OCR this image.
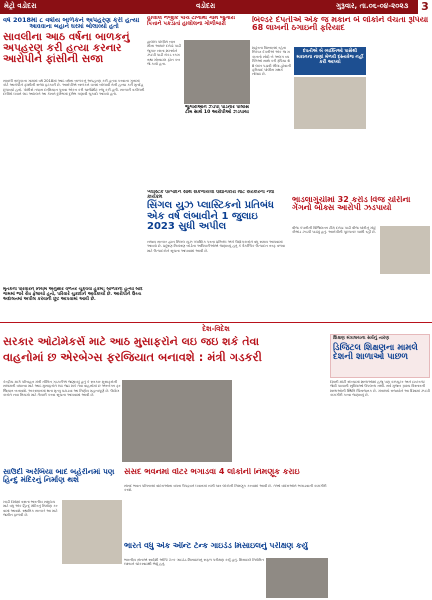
મેટ્રો વડોદરા	વડોદરા	ગુરૂવાર, તા.૦૬-૦૪-૨૦૨૩ 3
વર્ષ 2018માં ૮ વર્ષીય બાળકને અપહરણ કરી હત્યા
આવવાના બહાને ઘરમાં બોલાવ્યો હતો
સાવલીના આઠ વર્ષના બાળકનું અપહરણ કરી હત્યા કરનાર આરોપીને ફાંસીની સજા
સાવલી તાલુકાના ગામમાં વર્ષ 2018માં આઠ વર્ષના બાળકનું અપહરણ કરી હત્યા કરવાના ગુનામાં કોર્ટે આરોપીને ફાંસીની સજા ફટકારી છે. આરોપીએ બાળકને ઘરમાં બોલાવી તેની હત્યા કરી મૃતદેહ છુપાવ્યો હતો. પોલીસે તપાસ દરમિયાન પુરાવા એકત્ર કરી ચાર્જશીટ રજૂ કરી હતી. સરકારી વકીલની દલીલો ધ્યાને લઇ અદાલતે આ કેસને દુર્લભમાં દુર્લભ ગણાવી ચુકાદો આપ્યો હતો.
મૃતકના પરિવારને નિયમ અનુસાર વળતર ચૂકવવા હુકમ: બાળકની હત્યા બાદ ગામમાં ભારે રોષ ફેલાયો હતો, પરિવારે ચુકાદાને આવકાર્યો છે. આરોપીને ઉચ્ચ અદાલતમાં અપીલ કરવાની છૂટ આપવામાં આવી છે.
હાલોલ નજીક પાંચ ટોળામાં ગામે જુગારી
પિત્તાને પકડાતાં હાલોલના ગોળીબારી
હાલોલ પોલીસે બાતમીના આધારે દરોડો પાડી જુગાર રમતા શખ્સોને ઝડપી પાડી રોકડ રકમ તથા મોબાઇલ ફોન કબજે કર્યા હતા.
જુગારીઓને ઝડપી પાડનાર પોલીસ ટીમ સાથે 10 આરોપીઓ ઝડપાયા
બિલ્ડર દંપતીએ એક જ મકાન બે લોકોને વેચતા રૂપિયા 68 લાખની ઠગાઇની ફરિયાદ
શહેરના વિસ્તારમાં રહેતા બિલ્ડર દંપતીએ એક જ મકાનનો સોદો બે અલગ વ્યક્તિઓ સાથે કરી રૂપિયા 68 લાખ પડાવી લીધા હોવાની ફરિયાદ પોલીસ મથકે નોંધાઇ છે.
દંપતીએ બે વ્યક્તિઓ પાસેથી મકાનના નાણાં મેળવી દસ્તાવેજ નહીં કરી આપ્યો
પ્લાસ્ટિક ઉત્પાદન સાથે સંકળાયેલા ઉદ્યોગકારો માટે સરકારનો નવો કાર્યક્રમ
સિંગલ યુઝ પ્લાસ્ટિકનો પ્રતિબંધ એક વર્ષ લંબાવીને 1 જુલાઇ 2023 સુધી અપીલ
રાજ્ય સરકાર દ્વારા સિંગલ યુઝ પ્લાસ્ટિક પરના પ્રતિબંધ અંગે ઉદ્યોગકારોને વધુ સમય આપવામાં આવ્યો છે. પ્રદૂષણ નિયંત્રણ બોર્ડના અધિકારીઓએ જણાવ્યું હતું કે વૈકલ્પિક ઉત્પાદન તરફ વળવા માટે ઉત્પાદકોને સૂચના આપવામાં આવી છે.
ભાડલાગુંચીમાં 32 કરોડ વિજ ચોરીના ગેંગનો બોક્સ આરોપી ઝડપાયો
વીજ કંપનીની વિજિલન્સ ટીમે દરોડા પાડી વીજ ચોરીનું મોટું કૌભાંડ ઝડપી પાડ્યું હતું. આરોપીની પૂછપરછ ચાલી રહી છે.
દેશ-વિદેશ
સરકાર ઓટોમેકર્સ માટે આઠ મુસાફરોને લઇ જઇ શકે તેવા
વાહનોમાં છ એરબેગ્સ ફરજિયાત બનાવશે : મંત્રી ગડકરી
કેન્દ્રીય માર્ગ પરિવહન મંત્રી નીતિન ગડકરીએ જણાવ્યું હતું કે સરકાર મુસાફરોની સલામતી વધારવા માટે આઠ મુસાફરોને લઇ જઇ શકે તેવા વાહનોમાં છ એરબેગ્સ ફરજિયાત બનાવશે. અકસ્માતમાં થતા મૃત્યુ ઘટાડવા આ નિર્ણય મહત્વપૂર્ણ છે. ઉદ્યોગકારોને નવા નિયમો માટે તૈયારી કરવા સૂચના આપવામાં આવી છે.
શિક્ષણ મંત્રાલયના સર્વેનું તારણ
ડિજિટલ શિક્ષણના મામલે દેશની શાળાઓ પાછળ
દેશની મોટી સંખ્યામાં શાળાઓમાં હજુ પણ કમ્પ્યુટર અને ઇન્ટરનેટ જેવી પાયાની સુવિધાઓ ઉપલબ્ધ નથી. સર્વે મુજબ ગ્રામ્ય વિસ્તારની શાળાઓની સ્થિતિ ચિંતાજનક છે. મંત્રાલયે રાજ્યોને આ દિશામાં ઝડપી કામગીરી કરવા જણાવ્યું છે.
સાઉદી અરેબિયા બાદ બહેરીનમાં પણ હિન્દુ મંદિરનું નિર્માણ થશે
ખાડી દેશોમાં વસતા ભારતીય સમુદાય માટે વધુ એક હિન્દુ મંદિરનું નિર્માણ કરવામાં આવશે. સ્થાનિક સરકારે આ માટે જમીન ફાળવી છે.
સંસદ ભવનમાં વોટર ભગાડવા 4 લોકોની નિમણૂક કરાઇ
સંસદ ભવન પરિસરમાં વાંદરાઓના વધતા ઉપદ્રવને ધ્યાનમાં રાખી ચાર લોકોની નિમણૂક કરવામાં આવી છે. તેઓ વાંદરાઓને ભગાડવાની કામગીરી કરશે.
ભારતે વધુ એક એન્ટિ ટેન્ક ગાઇડેડ મિસાઇલનું પરીક્ષણ કર્યું
ભારતીય સેનાએ સ્વદેશી એન્ટિ ટેન્ક ગાઇડેડ મિસાઇલનું સફળ પરીક્ષણ કર્યું હતું. મિસાઇલે નિર્ધારિત લક્ષ્યને ચોકસાઇથી ભેદ્યું હતું.
